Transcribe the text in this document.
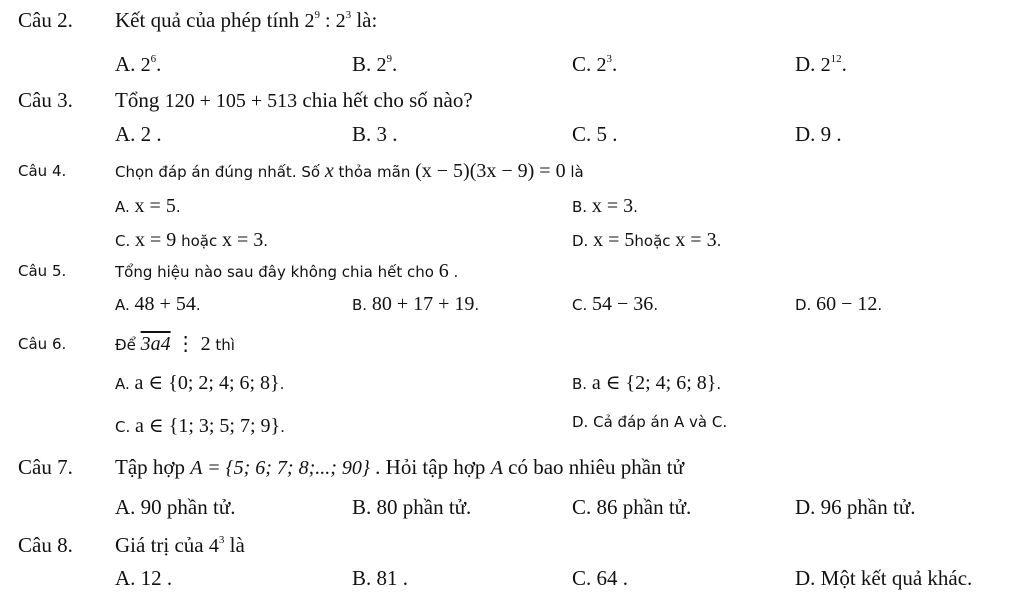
Câu 2. Kết quả của phép tính $2^9$ : $2^3$ là:
A. $2^6$.	B. $2^9$.	C. $2^3$.	D. $2^{12}$.
Câu 3. Tổng 120 + 105 + 513 chia hết cho số nào?
A. 2 .	B. 3 .	C. 5 .	D. 9 .
Câu 4.	Chọn đáp án đúng nhất. Số x thỏa mãn (x − 5)(3x − 9) = 0 là
A. x = 5.	B. x = 3.
C. x = 9 hoặc x = 3.	D. x = 5hoặc x = 3.
Câu 5.	Tổng hiệu nào sau đây không chia hết cho 6 .
A. 48 + 54.	B. 80 + 17 + 19.	C. 54 − 36.	D. 60 − 12.
Câu 6.	Để 3a4 ⋮ 2 thì
A. a ∈ {0; 2; 4; 6; 8}.	B. a ∈ {2; 4; 6; 8}.
C. a ∈ {1; 3; 5; 7; 9}.	D. Cả đáp án A và C.
Câu 7. Tập hợp A = {5; 6; 7; 8;...; 90} . Hỏi tập hợp A có bao nhiêu phần tử
A. 90 phần tử.	B. 80 phần tử.	C. 86 phần tử.	D. 96 phần tử.
Câu 8. Giá trị của $4^3$ là
A. 12 .	B. 81 .	C. 64 .	D. Một kết quả khác.
